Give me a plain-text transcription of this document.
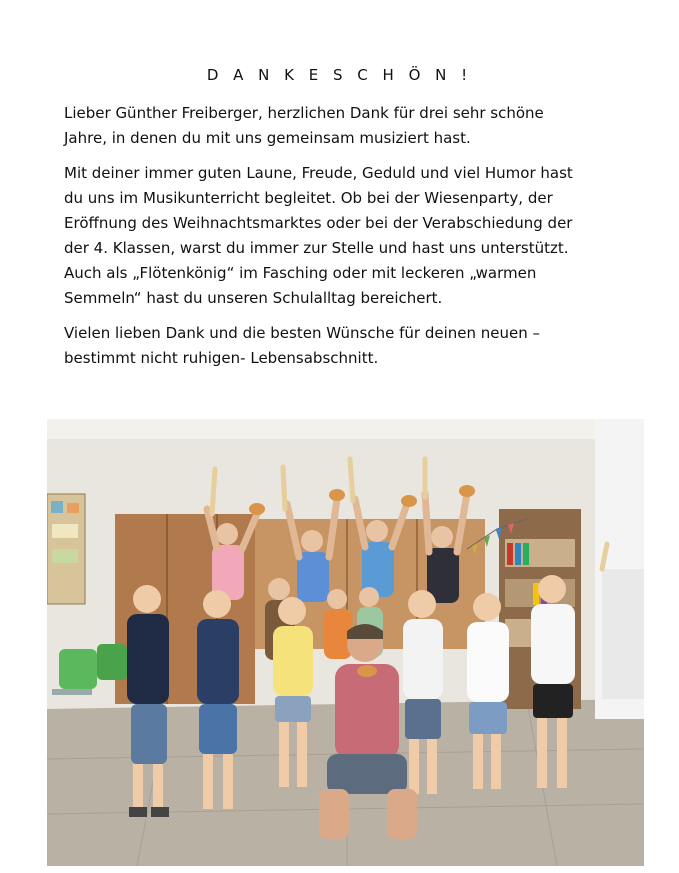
D A N K E S C H Ö N !

Lieber Günther Freiberger, herzlichen Dank für drei sehr schöne

Jahre, in denen du mit uns gemeinsam musiziert hast.

Mit deiner immer guten Laune, Freude, Geduld und viel Humor hast

du uns im Musikunterricht begleitet. Ob bei der Wiesenparty, der

Eröffnung des Weihnachtsmarktes oder bei der Verabschiedung der

der 4. Klassen, warst du immer zur Stelle und hast uns unterstützt.

Auch als „Flötenkönig“ im Fasching oder mit leckeren „warmen

Semmeln“ hast du unseren Schulalltag bereichert.

Vielen lieben Dank und die besten Wünsche für deinen neuen –

bestimmt nicht ruhigen- Lebensabschnitt.
